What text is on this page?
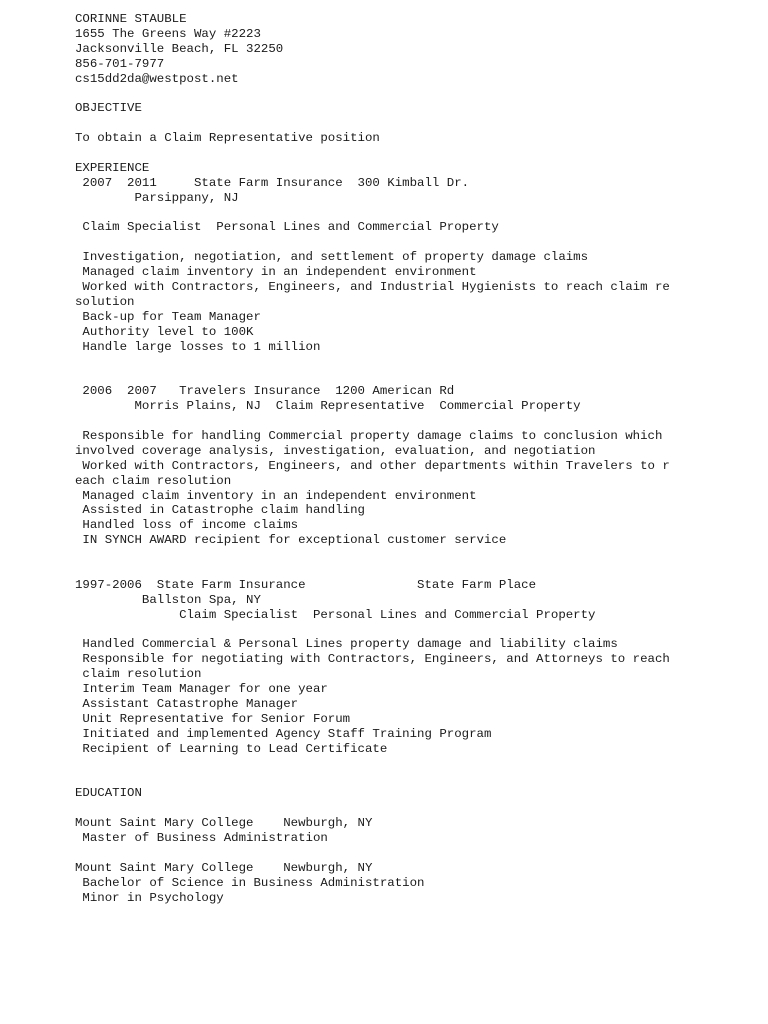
CORINNE STAUBLE
1655 The Greens Way #2223
Jacksonville Beach, FL 32250
856-701-7977
cs15dd2da@westpost.net
OBJECTIVE
To obtain a Claim Representative position
EXPERIENCE
2007  2011     State Farm Insurance  300 Kimball Dr.
Parsippany, NJ
Claim Specialist  Personal Lines and Commercial Property
Investigation, negotiation, and settlement of property damage claims
Managed claim inventory in an independent environment
Worked with Contractors, Engineers, and Industrial Hygienists to reach claim re
solution
Back-up for Team Manager
Authority level to 100K
Handle large losses to 1 million
2006  2007   Travelers Insurance  1200 American Rd
Morris Plains, NJ  Claim Representative  Commercial Property
Responsible for handling Commercial property damage claims to conclusion which
involved coverage analysis, investigation, evaluation, and negotiation
Worked with Contractors, Engineers, and other departments within Travelers to r
each claim resolution
Managed claim inventory in an independent environment
Assisted in Catastrophe claim handling
Handled loss of income claims
IN SYNCH AWARD recipient for exceptional customer service
1997-2006  State Farm Insurance               State Farm Place
Ballston Spa, NY
Claim Specialist  Personal Lines and Commercial Property
Handled Commercial & Personal Lines property damage and liability claims
Responsible for negotiating with Contractors, Engineers, and Attorneys to reach
claim resolution
Interim Team Manager for one year
Assistant Catastrophe Manager
Unit Representative for Senior Forum
Initiated and implemented Agency Staff Training Program
Recipient of Learning to Lead Certificate
EDUCATION
Mount Saint Mary College    Newburgh, NY
Master of Business Administration
Mount Saint Mary College    Newburgh, NY
Bachelor of Science in Business Administration
Minor in Psychology
